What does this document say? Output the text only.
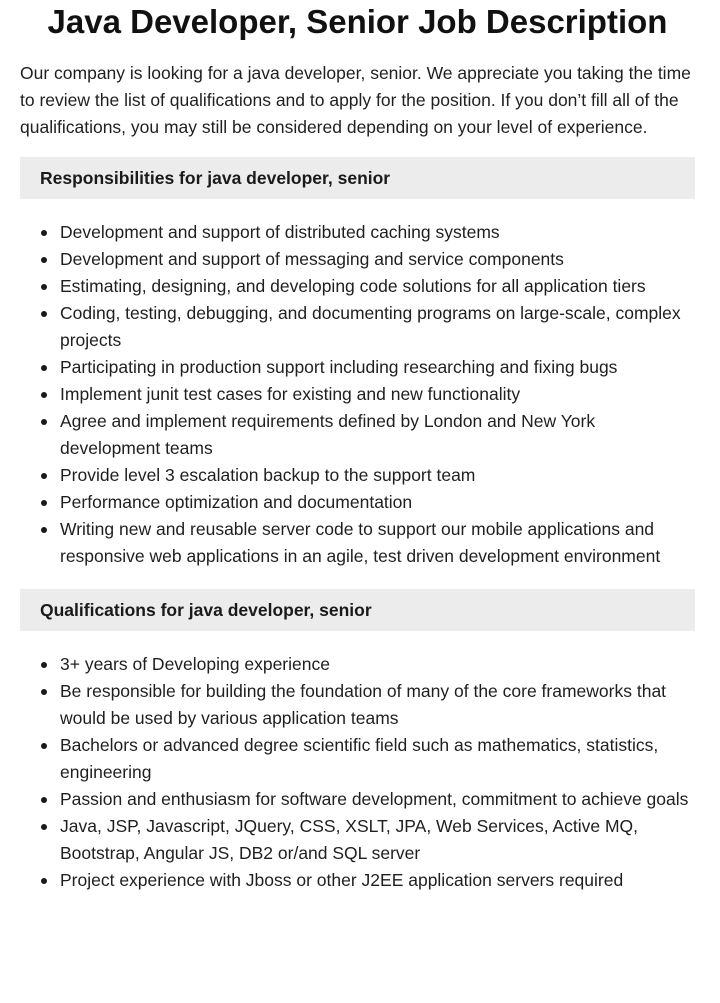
Java Developer, Senior Job Description

Our company is looking for a java developer, senior. We appreciate you taking the time to review the list of qualifications and to apply for the position. If you don’t fill all of the qualifications, you may still be considered depending on your level of experience.

Responsibilities for java developer, senior
Development and support of distributed caching systems
Development and support of messaging and service components
Estimating, designing, and developing code solutions for all application tiers
Coding, testing, debugging, and documenting programs on large-scale, complex projects
Participating in production support including researching and fixing bugs
Implement junit test cases for existing and new functionality
Agree and implement requirements defined by London and New York development teams
Provide level 3 escalation backup to the support team
Performance optimization and documentation
Writing new and reusable server code to support our mobile applications and responsive web applications in an agile, test driven development environment
Qualifications for java developer, senior
3+ years of Developing experience
Be responsible for building the foundation of many of the core frameworks that would be used by various application teams
Bachelors or advanced degree scientific field such as mathematics, statistics, engineering
Passion and enthusiasm for software development, commitment to achieve goals
Java, JSP, Javascript, JQuery, CSS, XSLT, JPA, Web Services, Active MQ, Bootstrap, Angular JS, DB2 or/and SQL server
Project experience with Jboss or other J2EE application servers required
